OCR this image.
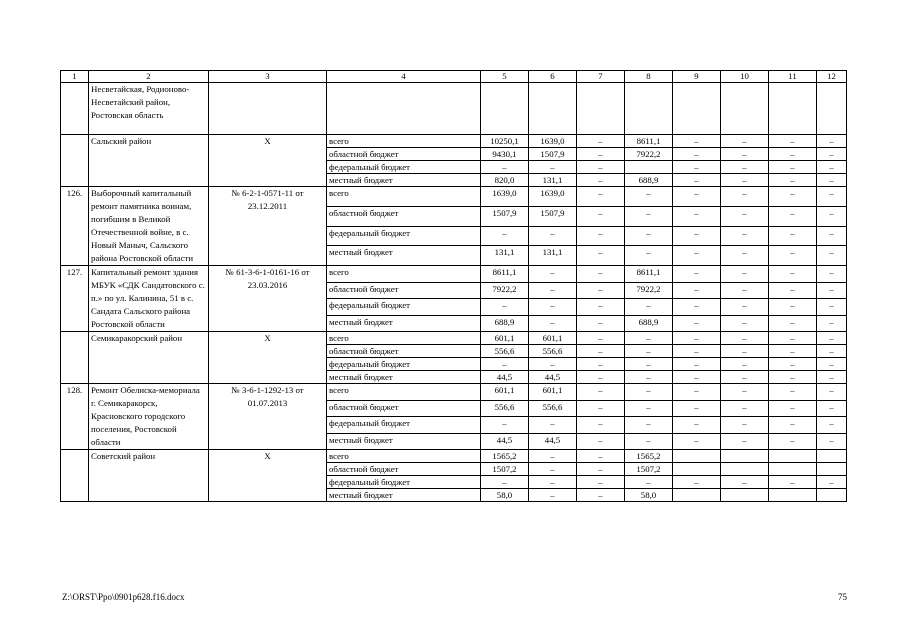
1	2	3	4	5	6	7	8	9	10	11	12
	Несветайская, Родионово-Несветайский район, Ростовская область										
	Сальский район	Х	всего	10250,1	1639,0	–	8611,1	–	–	–	–
			областной бюджет	9430,1	1507,9	–	7922,2	–	–	–	–
			федеральный бюджет	–	–	–		–	–	–	–
			местный бюджет	820,0	131,1	–	688,9	–	–	–	–
126.	Выборочный капитальный ремонт памятника воинам, погибшим в Великой Отечественной войне, в с. Новый Маныч, Сальского района Ростовской области	№ 6-2-1-0571-11 от 23.12.2011	всего	1639,0	1639,0	–	–	–	–	–	–
			областной бюджет	1507,9	1507,9	–	–	–	–	–	–
			федеральный бюджет	–	–	–	–	–	–	–	–
			местный бюджет	131,1	131,1	–	–	–	–	–	–
127.	Капитальный ремонт здания МБУК «СДК Сандатовского с. п.» по ул. Калинина, 51 в с. Сандата Сальского района Ростовской области	№ 61-3-6-1-0161-16 от 23.03.2016	всего	8611,1	–	–	8611,1	–	–	–	–
			областной бюджет	7922,2	–	–	7922,2	–	–	–	–
			федеральный бюджет	–	–	–	–	–	–	–	–
			местный бюджет	688,9	–	–	688,9	–	–	–	–
	Семикаракорский район	Х	всего	601,1	601,1	–	–	–	–	–	–
			областной бюджет	556,6	556,6	–	–	–	–	–	–
			федеральный бюджет	–	–	–	–	–	–	–	–
			местный бюджет	44,5	44,5	–	–	–	–	–	–
128.	Ремонт Обелиска-мемориала г. Семикаракорск, Красновского городского поселения, Ростовской области	№ 3-6-1-1292-13 от 01.07.2013	всего	601,1	601,1	–	–	–	–	–	–
			областной бюджет	556,6	556,6	–	–	–	–	–	–
			федеральный бюджет	–	–	–	–	–	–	–	–
			местный бюджет	44,5	44,5	–	–	–	–	–	–
	Советский район	Х	всего	1565,2	–	–	1565,2				
			областной бюджет	1507,2	–	–	1507,2				
			федеральный бюджет	–	–	–	–	–	–	–	–
			местный бюджет	58,0	–	–	58,0				
Z:\ORST\Ppo\0901p628.f16.docx	75
